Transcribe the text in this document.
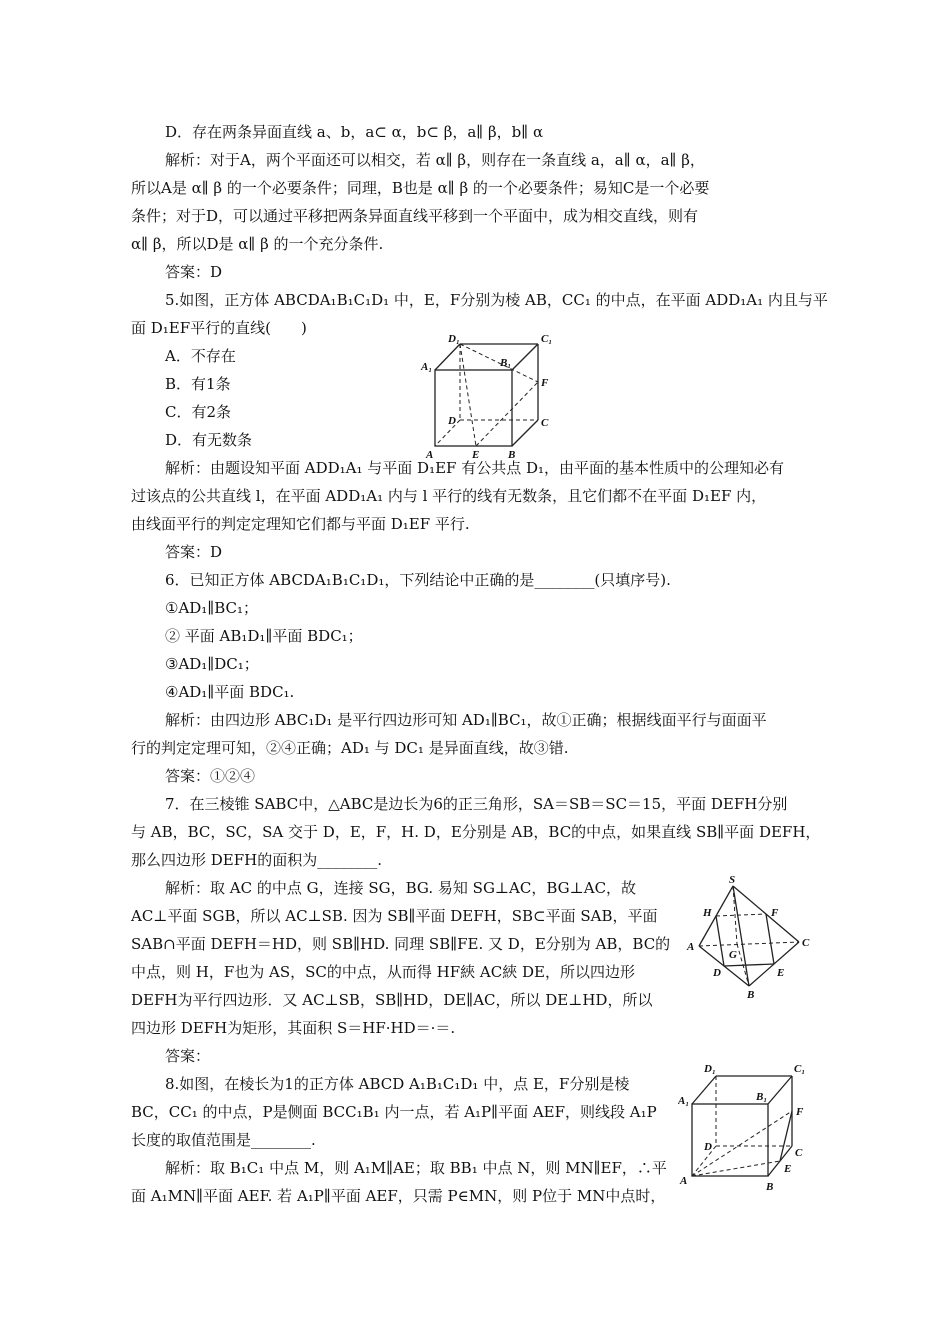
D．存在两条异面直线 a、b，a⊂ α，b⊂ β，a∥ β，b∥ α
解析：对于A，两个平面还可以相交，若 α∥ β，则存在一条直线 a，a∥ α，a∥ β，
所以A是 α∥ β 的一个必要条件；同理，B也是 α∥ β 的一个必要条件；易知C是一个必要
条件；对于D，可以通过平移把两条异面直线平移到一个平面中，成为相交直线，则有
α∥ β，所以D是 α∥ β 的一个充分条件.
答案：D
5.如图，正方体 ABCDA₁B₁C₁D₁ 中，E，F分别为棱 AB，CC₁ 的中点，在平面 ADD₁A₁ 内且与平
面 D₁EF平行的直线(　　)
A．不存在
B．有1条
C．有2条
D．有无数条
解析：由题设知平面 ADD₁A₁ 与平面 D₁EF 有公共点 D₁，由平面的基本性质中的公理知必有
过该点的公共直线 l，在平面 ADD₁A₁ 内与 l 平行的线有无数条，且它们都不在平面 D₁EF 内，
由线面平行的判定定理知它们都与平面 D₁EF 平行.
答案：D
6．已知正方体 ABCDA₁B₁C₁D₁，下列结论中正确的是________(只填序号).
①AD₁∥BC₁；
② 平面 AB₁D₁∥平面 BDC₁；
③AD₁∥DC₁；
④AD₁∥平面 BDC₁.
解析：由四边形 ABC₁D₁ 是平行四边形可知 AD₁∥BC₁，故①正确；根据线面平行与面面平
行的判定定理可知，②④正确；AD₁ 与 DC₁ 是异面直线，故③错.
答案：①②④
7．在三棱锥 SABC中，△ABC是边长为6的正三角形，SA＝SB＝SC＝15，平面 DEFH分别
与 AB，BC，SC，SA 交于 D，E，F，H. D，E分别是 AB，BC的中点，如果直线 SB∥平面 DEFH，
那么四边形 DEFH的面积为________.
解析：取 AC 的中点 G，连接 SG，BG. 易知 SG⊥AC，BG⊥AC，故
AC⊥平面 SGB，所以 AC⊥SB. 因为 SB∥平面 DEFH，SB⊂平面 SAB，平面
SAB∩平面 DEFH＝HD，则 SB∥HD. 同理 SB∥FE. 又 D，E分别为 AB，BC的
中点，则 H，F也为 AS，SC的中点，从而得 HF綊 AC綊 DE，所以四边形
DEFH为平行四边形．又 AC⊥SB，SB∥HD，DE∥AC，所以 DE⊥HD，所以
四边形 DEFH为矩形，其面积 S＝HF·HD＝·＝.
答案：
8.如图，在棱长为1的正方体 ABCD A₁B₁C₁D₁ 中，点 E，F分别是棱
BC，CC₁ 的中点，P是侧面 BCC₁B₁ 内一点，若 A₁P∥平面 AEF，则线段 A₁P
长度的取值范围是________.
解析：取 B₁C₁ 中点 M，则 A₁M∥AE；取 BB₁ 中点 N，则 MN∥EF，∴平
面 A₁MN∥平面 AEF. 若 A₁P∥平面 AEF，只需 P∈MN，则 P位于 MN中点时，
D₁	C₁
B₁
A₁
F
D	C
A	E	B
S
H	F
A
G
C
D	E
B
D₁	C₁
B₁
A₁
F
D	C
E
A	B
